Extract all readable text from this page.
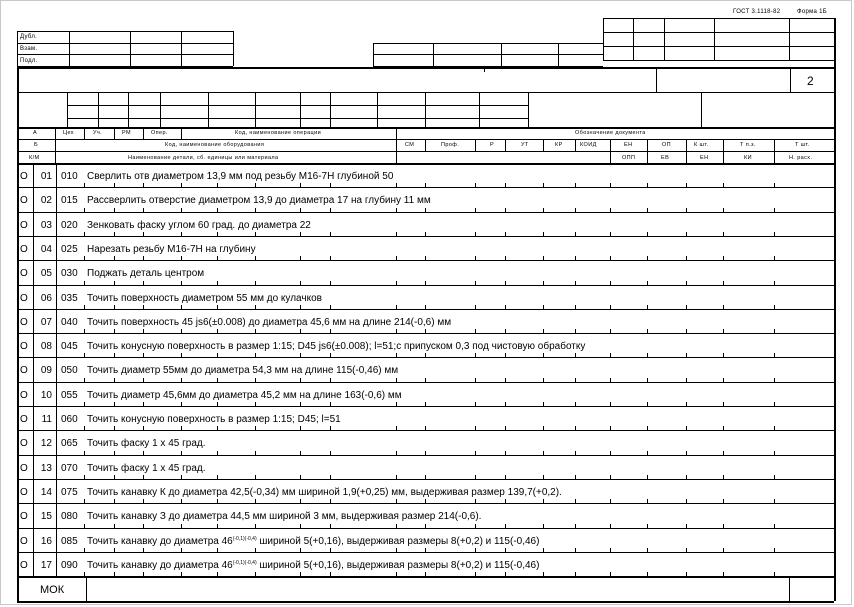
ГОСТ 3.1118-82	Форма 1Б
Дубл.
Взам.
Подл.
2
А	Цех	Уч.	РМ	Опер.	Код, наименование операции	Обозначение документа
Б	Код, наименование оборудования	СМ	Проф.	Р	УТ	КР	КОИД	ЕН	ОП	К шт.	Т п.з.	Т шт.
К/М	Наименование детали, сб. единицы или материала	ОПП	ЕВ	ЕН	КИ	Н. расх.
О 01 010 Сверлить отв диаметром 13,9 мм под резьбу М16-7Н глубиной 50
О 02 015 Рассверлить отверстие диаметром 13,9 до диаметра 17 на глубину 11 мм
О 03 020 Зенковать фаску углом 60 град. до диаметра 22
О 04 025 Нарезать резьбу М16-7Н на глубину
О 05 030 Поджать деталь центром
О 06 035 Точить поверхность диаметром 55 мм до кулачков
О 07 040 Точить поверхность 45 js6(±0.008) до диаметра 45,6 мм на длине 214(-0,6) мм
О 08 045 Точить конусную поверхность в размер 1:15; D45 js6(±0.008); l=51;с припуском 0,3 под чистовую обработку
О 09 050 Точить диаметр 55мм до диаметра 54,3 мм на длине 115(-0,46) мм
О 10 055 Точить диаметр 45,6мм до диаметра 45,2 мм на длине 163(-0,6) мм
О 11 060 Точить конусную поверхность в размер 1:15; D45; l=51
О 12 065 Точить фаску 1 х 45 град.
О 13 070 Точить фаску 1 х 45 град.
О 14 075 Точить канавку К до диаметра 42,5(-0,34) мм шириной 1,9(+0,25) мм, выдерживая размер 139,7(+0,2).
О 15 080 Точить канавку З до диаметра 44,5 мм шириной 3 мм, выдерживая размер 214(-0,6).
О 16 085 Точить канавку до диаметра $46^{(-0,1)(-0,4)}$ шириной 5(+0,16), выдерживая размеры 8(+0,2) и 115(-0,46)
О 17 090 Точить канавку до диаметра $46^{(-0,1)(-0,4)}$ шириной 5(+0,16), выдерживая размеры 8(+0,2) и 115(-0,46)
МОК
